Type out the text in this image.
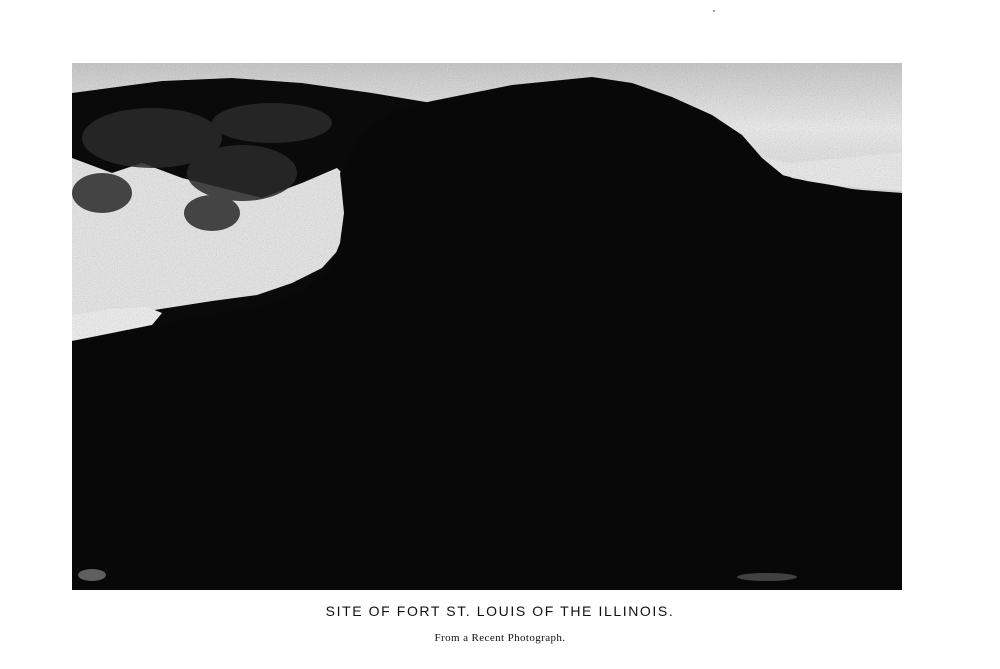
SITE OF FORT ST. LOUIS OF THE ILLINOIS.
From a Recent Photograph.
